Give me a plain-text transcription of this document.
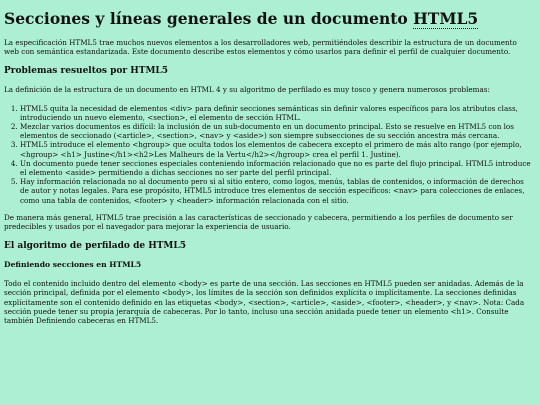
Secciones y líneas generales de un documento HTML5

La especificación HTML5 trae muchos nuevos elementos a los desarrolladores web, permitiéndoles describir la estructura de un documento web con semántica estandarizada. Este documento describe estos elementos y cómo usarlos para definir el perfil de cualquier documento.

Problemas resueltos por HTML5

La definición de la estructura de un documento en HTML 4 y su algoritmo de perfilado es muy tosco y genera numerosos problemas:

1. HTML5 quita la necesidad de elementos <div> para definir secciones semánticas sin definir valores específicos para los atributos class, introduciendo un nuevo elemento, <section>, el elemento de sección HTML.
2. Mezclar varios documentos es difícil: la inclusión de un sub-documento en un documento principal. Esto se resuelve en HTML5 con los elementos de seccionado (<article>, <section>, <nav> y <aside>) son siempre subsecciones de su sección ancestra más cercana.
3. HTML5 introduce el elemento <hgroup> que oculta todos los elementos de cabecera excepto el primero de más alto rango (por ejemplo, <hgroup> <h1> Justine</h1><h2>Les Malheurs de la Vertu</h2></hgroup> crea el perfil 1. Justine).
4. Un documento puede tener secciones especiales conteniendo información relacionado que no es parte del flujo principal. HTML5 introduce el elemento <aside> permitiendo a dichas secciones no ser parte del perfil principal.
5. Hay información relacionada no al documento pero si al sitio entero, como logos, menús, tablas de contenidos, o información de derechos de autor y notas legales. Para ese propósito, HTML5 introduce tres elementos de sección específicos: <nav> para colecciones de enlaces, como una tabla de contenidos, <footer> y <header> información relacionada con el sitio.

De manera más general, HTML5 trae precisión a las características de seccionado y cabecera, permitiendo a los perfiles de documento ser predecibles y usados por el navegador para mejorar la experiencia de usuario.

El algoritmo de perfilado de HTML5
Definiendo secciones en HTML5

Todo el contenido incluido dentro del elemento <body> es parte de una sección. Las secciones en HTML5 pueden ser anidadas. Además de la sección principal, definida por el elemento <body>, los límites de la sección son definidos explícita o implícitamente. La secciones definidas explícitamente son el contenido definido en las etiquetas <body>, <section>, <article>, <aside>, <footer>, <header>, y <nav>. Nota: Cada sección puede tener su propia jerarquía de cabeceras. Por lo tanto, incluso una sección anidada puede tener un elemento <h1>. Consulte también Definiendo cabeceras en HTML5.
